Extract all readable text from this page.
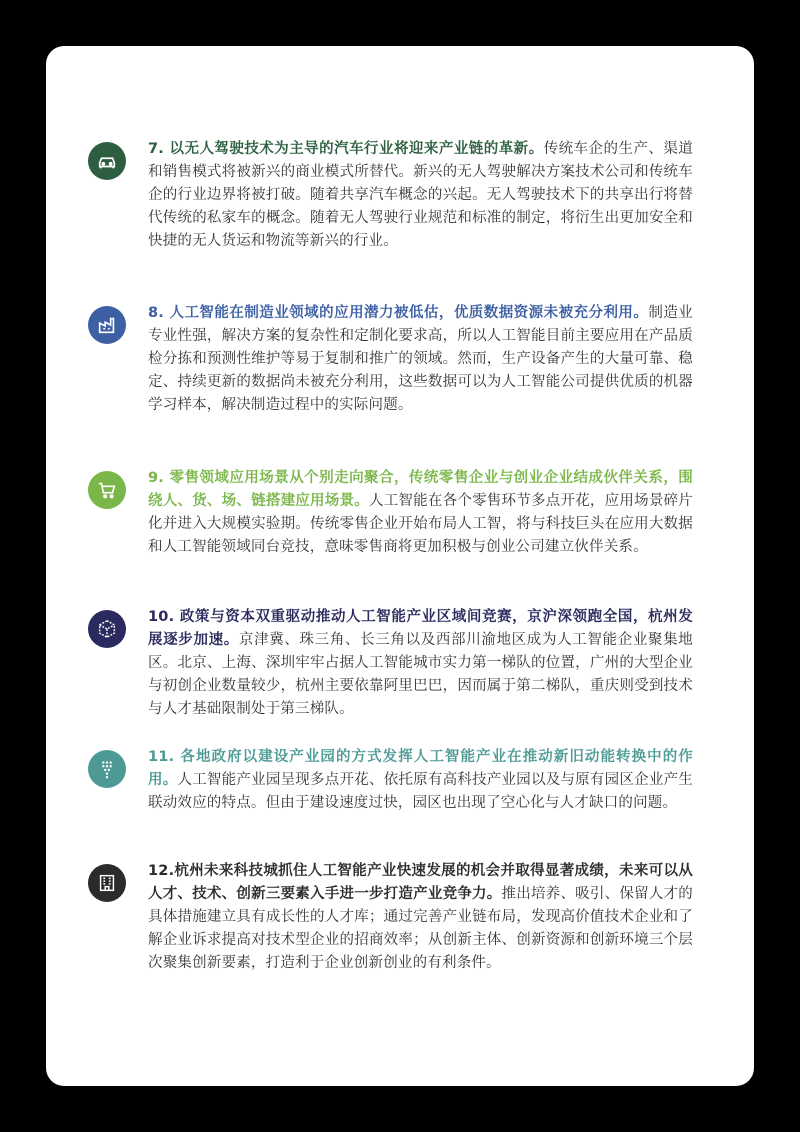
7. 以无人驾驶技术为主导的汽车行业将迎来产业链的革新。传统车企的生产、渠道和销售模式将被新兴的商业模式所替代。新兴的无人驾驶解决方案技术公司和传统车企的行业边界将被打破。随着共享汽车概念的兴起。无人驾驶技术下的共享出行将替代传统的私家车的概念。随着无人驾驶行业规范和标准的制定，将衍生出更加安全和快捷的无人货运和物流等新兴的行业。
8. 人工智能在制造业领域的应用潜力被低估，优质数据资源未被充分利用。制造业专业性强，解决方案的复杂性和定制化要求高，所以人工智能目前主要应用在产品质检分拣和预测性维护等易于复制和推广的领域。然而，生产设备产生的大量可靠、稳定、持续更新的数据尚未被充分利用，这些数据可以为人工智能公司提供优质的机器学习样本，解决制造过程中的实际问题。
9. 零售领域应用场景从个别走向聚合，传统零售企业与创业企业结成伙伴关系，围绕人、货、场、链搭建应用场景。人工智能在各个零售环节多点开花，应用场景碎片化并进入大规模实验期。传统零售企业开始布局人工智，将与科技巨头在应用大数据和人工智能领域同台竞技，意味零售商将更加积极与创业公司建立伙伴关系。
10. 政策与资本双重驱动推动人工智能产业区域间竞赛，京沪深领跑全国，杭州发展逐步加速。京津冀、珠三角、长三角以及西部川渝地区成为人工智能企业聚集地区。北京、上海、深圳牢牢占据人工智能城市实力第一梯队的位置，广州的大型企业与初创企业数量较少，杭州主要依靠阿里巴巴，因而属于第二梯队，重庆则受到技术与人才基础限制处于第三梯队。
11. 各地政府以建设产业园的方式发挥人工智能产业在推动新旧动能转换中的作用。人工智能产业园呈现多点开花、依托原有高科技产业园以及与原有园区企业产生联动效应的特点。但由于建设速度过快，园区也出现了空心化与人才缺口的问题。
12.杭州未来科技城抓住人工智能产业快速发展的机会并取得显著成绩，未来可以从人才、技术、创新三要素入手进一步打造产业竞争力。推出培养、吸引、保留人才的具体措施建立具有成长性的人才库；通过完善产业链布局，发现高价值技术企业和了解企业诉求提高对技术型企业的招商效率；从创新主体、创新资源和创新环境三个层次聚集创新要素，打造利于企业创新创业的有利条件。
